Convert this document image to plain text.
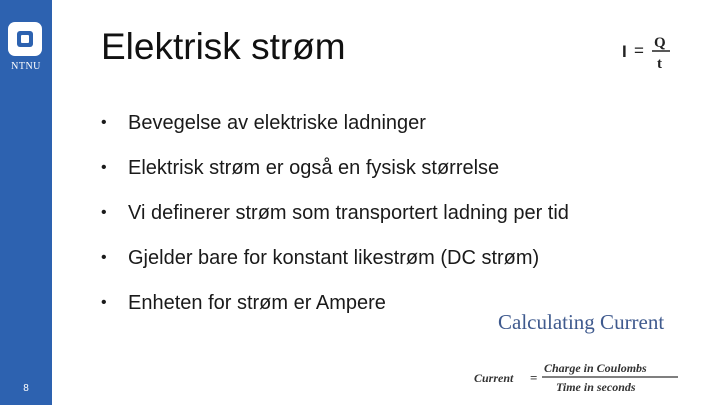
NTNU
8
Elektrisk strøm	I = Q
t
• Bevegelse av elektriske ladninger
• Elektrisk strøm er også en fysisk størrelse
• Vi definerer strøm som transportert ladning per tid
• Gjelder bare for konstant likestrøm (DC strøm)
• Enheten for strøm er Ampere
Calculating Current
Current =
Charge in Coulombs
Time in seconds
